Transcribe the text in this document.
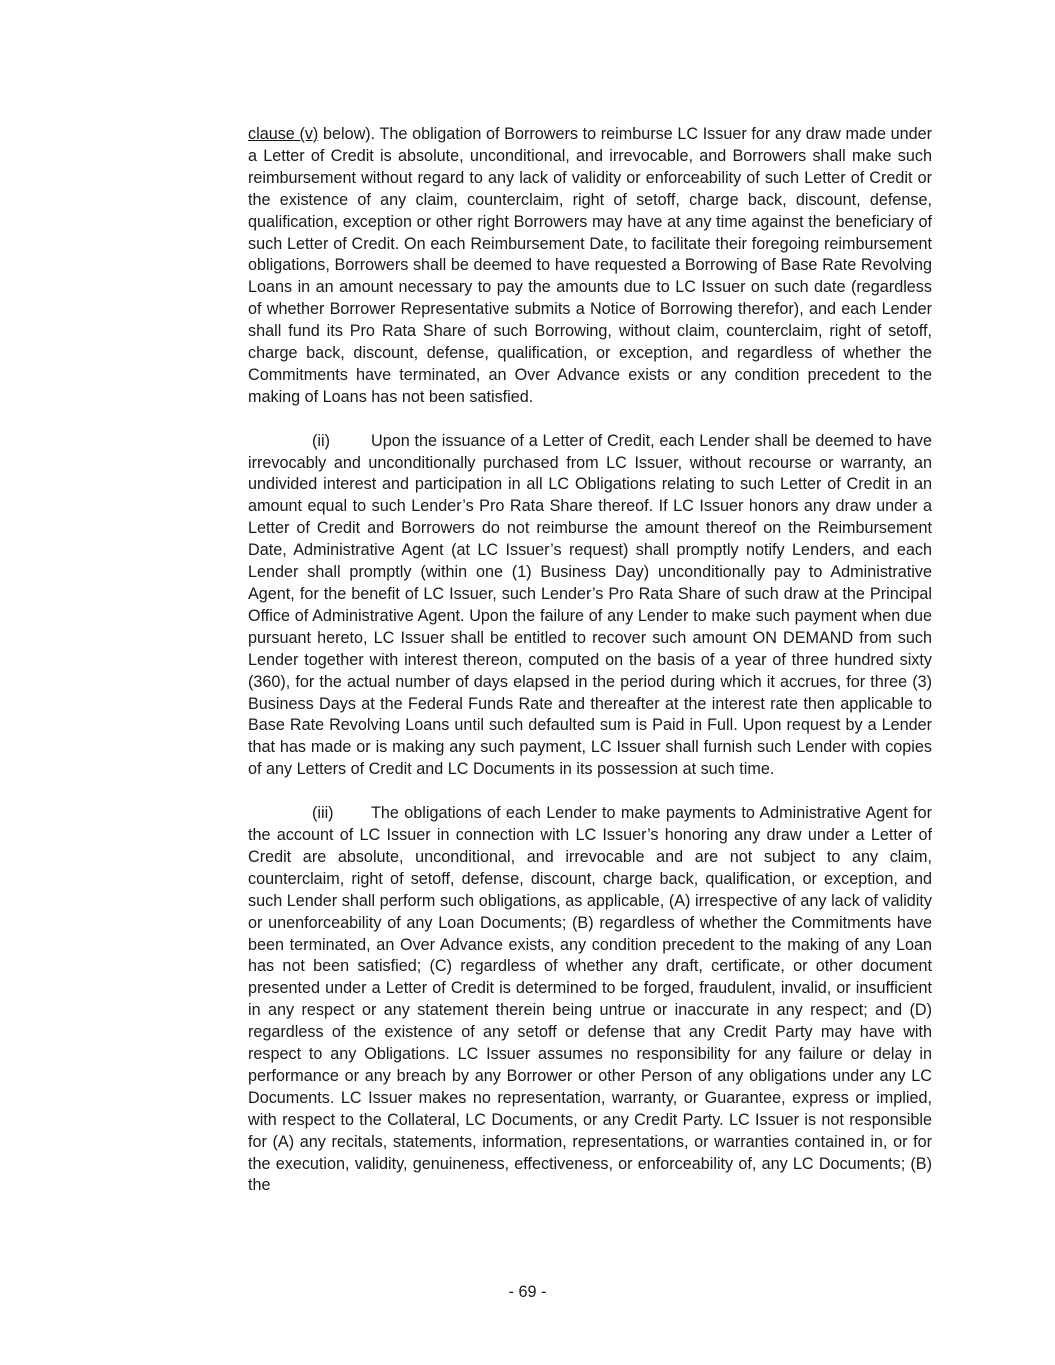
clause (v) below). The obligation of Borrowers to reimburse LC Issuer for any draw made under a Letter of Credit is absolute, unconditional, and irrevocable, and Borrowers shall make such reimbursement without regard to any lack of validity or enforceability of such Letter of Credit or the existence of any claim, counterclaim, right of setoff, charge back, discount, defense, qualification, exception or other right Borrowers may have at any time against the beneficiary of such Letter of Credit. On each Reimbursement Date, to facilitate their foregoing reimbursement obligations, Borrowers shall be deemed to have requested a Borrowing of Base Rate Revolving Loans in an amount necessary to pay the amounts due to LC Issuer on such date (regardless of whether Borrower Representative submits a Notice of Borrowing therefor), and each Lender shall fund its Pro Rata Share of such Borrowing, without claim, counterclaim, right of setoff, charge back, discount, defense, qualification, or exception, and regardless of whether the Commitments have terminated, an Over Advance exists or any condition precedent to the making of Loans has not been satisfied.

(ii)	Upon the issuance of a Letter of Credit, each Lender shall be deemed to have irrevocably and unconditionally purchased from LC Issuer, without recourse or warranty, an undivided interest and participation in all LC Obligations relating to such Letter of Credit in an amount equal to such Lender’s Pro Rata Share thereof. If LC Issuer honors any draw under a Letter of Credit and Borrowers do not reimburse the amount thereof on the Reimbursement Date, Administrative Agent (at LC Issuer’s request) shall promptly notify Lenders, and each Lender shall promptly (within one (1) Business Day) unconditionally pay to Administrative Agent, for the benefit of LC Issuer, such Lender’s Pro Rata Share of such draw at the Principal Office of Administrative Agent. Upon the failure of any Lender to make such payment when due pursuant hereto, LC Issuer shall be entitled to recover such amount ON DEMAND from such Lender together with interest thereon, computed on the basis of a year of three hundred sixty (360), for the actual number of days elapsed in the period during which it accrues, for three (3) Business Days at the Federal Funds Rate and thereafter at the interest rate then applicable to Base Rate Revolving Loans until such defaulted sum is Paid in Full. Upon request by a Lender that has made or is making any such payment, LC Issuer shall furnish such Lender with copies of any Letters of Credit and LC Documents in its possession at such time.

(iii) The obligations of each Lender to make payments to Administrative Agent for the account of LC Issuer in connection with LC Issuer’s honoring any draw under a Letter of Credit are absolute, unconditional, and irrevocable and are not subject to any claim, counterclaim, right of setoff, defense, discount, charge back, qualification, or exception, and such Lender shall perform such obligations, as applicable, (A) irrespective of any lack of validity or unenforceability of any Loan Documents; (B) regardless of whether the Commitments have been terminated, an Over Advance exists, any condition precedent to the making of any Loan has not been satisfied; (C) regardless of whether any draft, certificate, or other document presented under a Letter of Credit is determined to be forged, fraudulent, invalid, or insufficient in any respect or any statement therein being untrue or inaccurate in any respect; and (D) regardless of the existence of any setoff or defense that any Credit Party may have with respect to any Obligations. LC Issuer assumes no responsibility for any failure or delay in performance or any breach by any Borrower or other Person of any obligations under any LC Documents. LC Issuer makes no representation, warranty, or Guarantee, express or implied, with respect to the Collateral, LC Documents, or any Credit Party. LC Issuer is not responsible for (A) any recitals, statements, information, representations, or warranties contained in, or for the execution, validity, genuineness, effectiveness, or enforceability of, any LC Documents; (B) the

- 69 -
